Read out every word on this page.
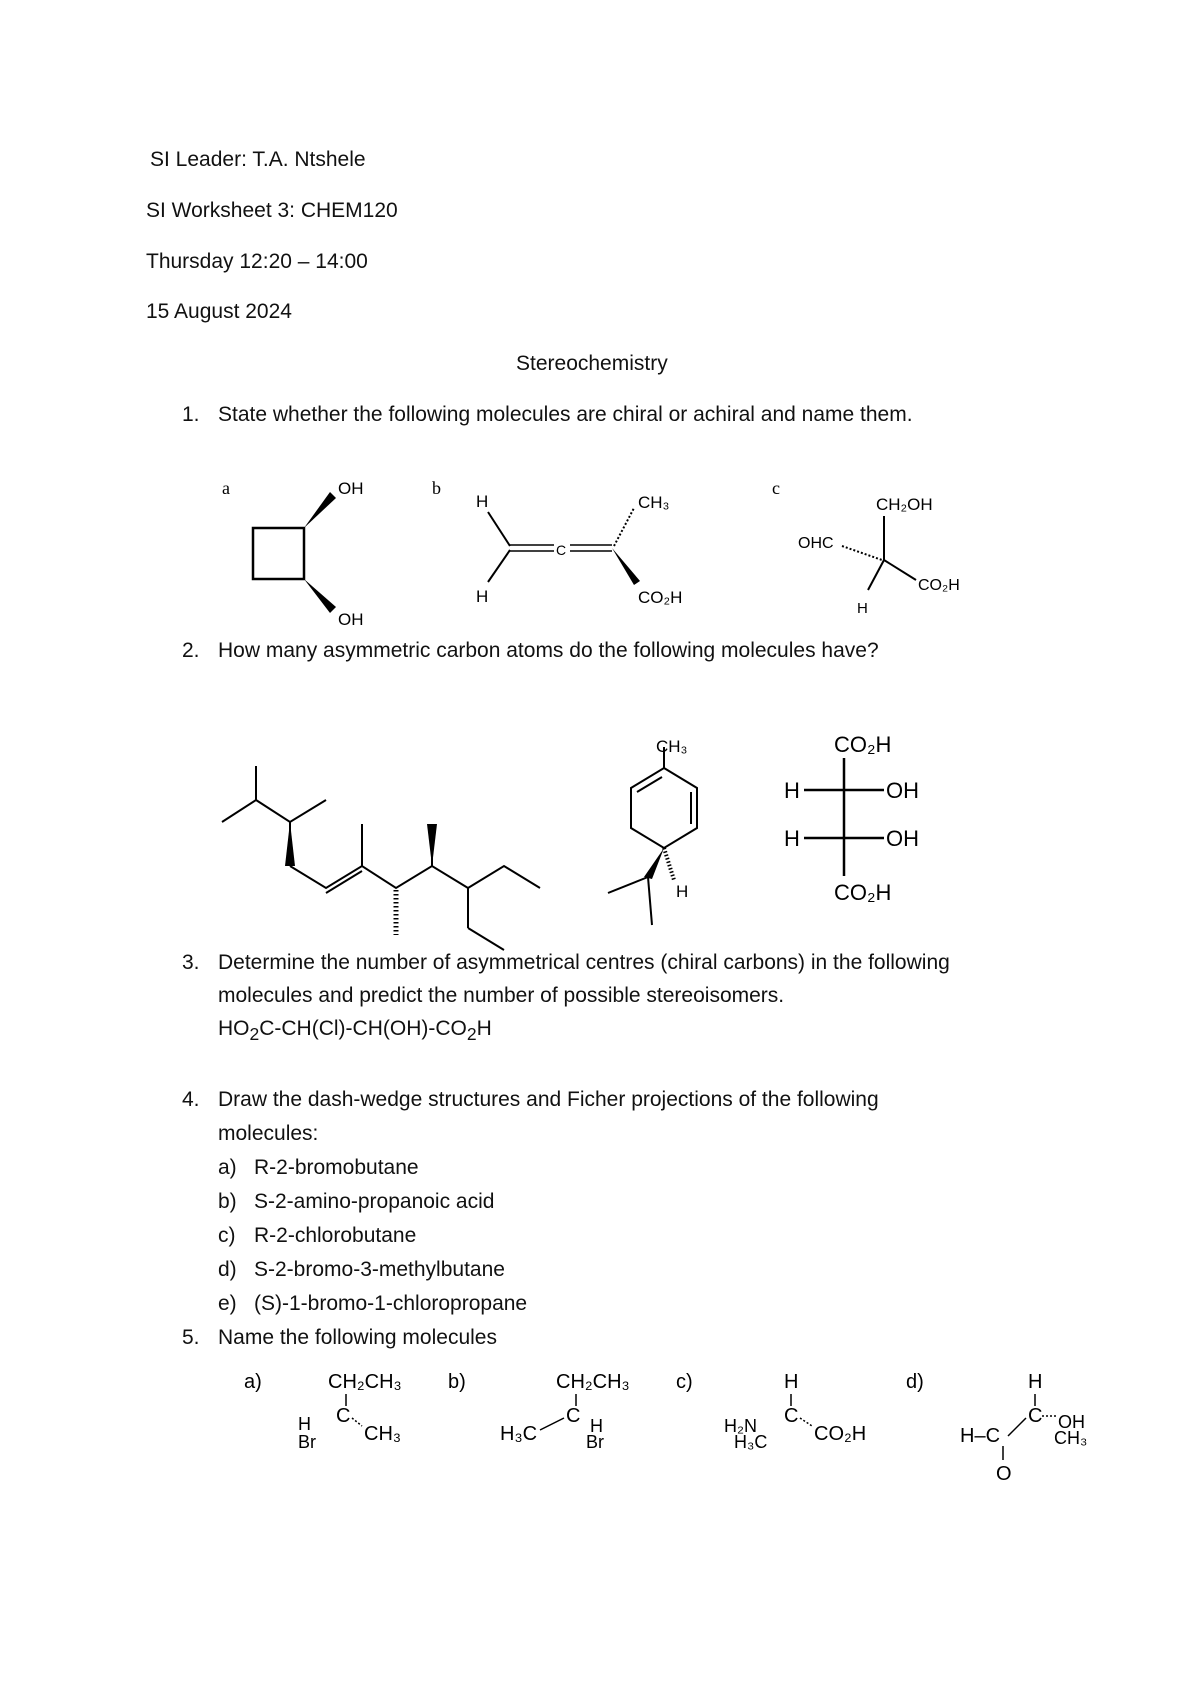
SI Leader: T.A. Ntshele
SI Worksheet 3: CHEM120
Thursday 12:20 – 14:00
15 August 2024
Stereochemistry
1. State whether the following molecules are chiral or achiral and name them.
a	OH
OH
b
H
H
C
CH₃
CO₂H
c
CH₂OH
OHC
CO₂H
H
2. How many asymmetric carbon atoms do the following molecules have?
CH₃
H
CO₂H
H	OH
H	OH
CO₂H
3. Determine the number of asymmetrical centres (chiral carbons) in the following
molecules and predict the number of possible stereoisomers.
$HO_2C-CH(Cl)-CH(OH)-CO_2H$
4. Draw the dash-wedge structures and Ficher projections of the following
molecules:
a) R-2-bromobutane
b) S-2-amino-propanoic acid
c) R-2-chlorobutane
d) S-2-bromo-3-methylbutane
e) (S)-1-bromo-1-chloropropane
5. Name the following molecules
a)	CH₂CH₃
C
H
Br CH₃
b)	CH₂CH₃
C
H₃C	H
Br
c)	H
C
H₂N
H₃C CO₂H
d)	H
C
H–C
O
OH
CH₃
